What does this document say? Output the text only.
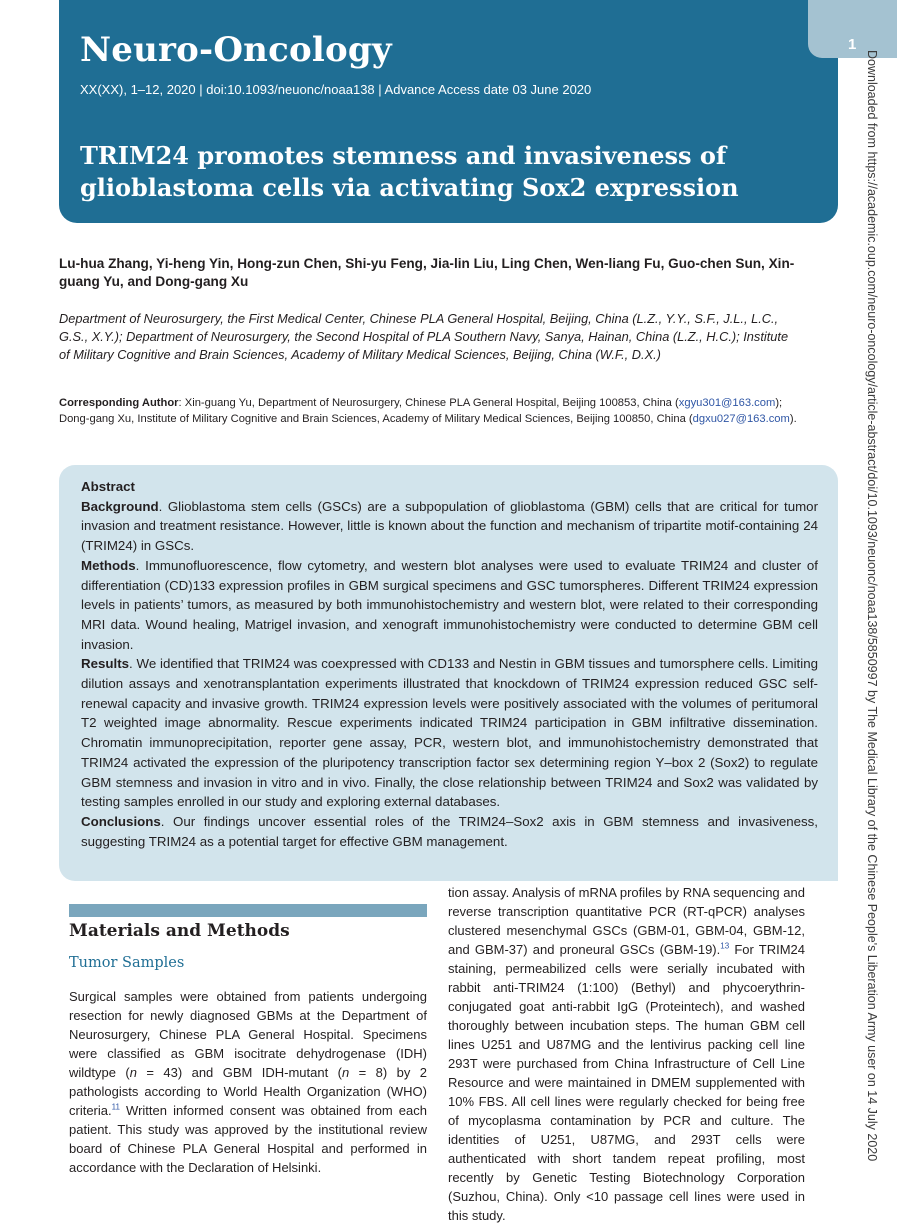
1
Neuro-Oncology
XX(XX), 1–12, 2020 | doi:10.1093/neuonc/noaa138 | Advance Access date 03 June 2020
TRIM24 promotes stemness and invasiveness of glioblastoma cells via activating Sox2 expression
Lu-hua Zhang, Yi-heng Yin, Hong-zun Chen, Shi-yu Feng, Jia-lin Liu, Ling Chen, Wen-liang Fu, Guo-chen Sun, Xin-guang Yu, and Dong-gang Xu
Department of Neurosurgery, the First Medical Center, Chinese PLA General Hospital, Beijing, China (L.Z., Y.Y., S.F., J.L., L.C., G.S., X.Y.); Department of Neurosurgery, the Second Hospital of PLA Southern Navy, Sanya, Hainan, China (L.Z., H.C.); Institute of Military Cognitive and Brain Sciences, Academy of Military Medical Sciences, Beijing, China (W.F., D.X.)
Corresponding Author: Xin-guang Yu, Department of Neurosurgery, Chinese PLA General Hospital, Beijing 100853, China (xgyu301@163.com); Dong-gang Xu, Institute of Military Cognitive and Brain Sciences, Academy of Military Medical Sciences, Beijing 100850, China (dgxu027@163.com).
Abstract

Background. Glioblastoma stem cells (GSCs) are a subpopulation of glioblastoma (GBM) cells that are critical for tumor invasion and treatment resistance. However, little is known about the function and mechanism of tripartite motif-containing 24 (TRIM24) in GSCs.

Methods. Immunofluorescence, flow cytometry, and western blot analyses were used to evaluate TRIM24 and cluster of differentiation (CD)133 expression profiles in GBM surgical specimens and GSC tumorspheres. Different TRIM24 expression levels in patients’ tumors, as measured by both immunohistochemistry and western blot, were related to their corresponding MRI data. Wound healing, Matrigel invasion, and xenograft immunohistochemistry were conducted to determine GBM cell invasion.

Results. We identified that TRIM24 was coexpressed with CD133 and Nestin in GBM tissues and tumorsphere cells. Limiting dilution assays and xenotransplantation experiments illustrated that knockdown of TRIM24 expression reduced GSC self-renewal capacity and invasive growth. TRIM24 expression levels were positively associated with the volumes of peritumoral T2 weighted image abnormality. Rescue experiments indicated TRIM24 participation in GBM infiltrative dissemination. Chromatin immunoprecipitation, reporter gene assay, PCR, western blot, and immunohistochemistry demonstrated that TRIM24 activated the expression of the pluripotency transcription factor sex determining region Y–box 2 (Sox2) to regulate GBM stemness and invasion in vitro and in vivo. Finally, the close relationship between TRIM24 and Sox2 was validated by testing samples enrolled in our study and exploring external databases.

Conclusions. Our findings uncover essential roles of the TRIM24–Sox2 axis in GBM stemness and invasiveness, suggesting TRIM24 as a potential target for effective GBM management.

Materials and Methods
Tumor Samples

Surgical samples were obtained from patients undergoing resection for newly diagnosed GBMs at the Department of Neurosurgery, Chinese PLA General Hospital. Specimens were classified as GBM isocitrate dehydrogenase (IDH) wildtype (n = 43) and GBM IDH-mutant (n = 8) by 2 pathologists according to World Health Organization (WHO) criteria.$^{11}$ Written informed consent was obtained from each patient. This study was approved by the institutional review board of Chinese PLA General Hospital and performed in accordance with the Declaration of Helsinki.

tion assay. Analysis of mRNA profiles by RNA sequencing and reverse transcription quantitative PCR (RT-qPCR) analyses clustered mesenchymal GSCs (GBM-01, GBM-04, GBM-12, and GBM-37) and proneural GSCs (GBM-19).$^{13}$ For TRIM24 staining, permeabilized cells were serially incubated with rabbit anti-TRIM24 (1:100) (Bethyl) and phycoerythrin-conjugated goat anti-rabbit IgG (Proteintech), and washed thoroughly between incubation steps. The human GBM cell lines U251 and U87MG and the lentivirus packing cell line 293T were purchased from China Infrastructure of Cell Line Resource and were maintained in DMEM supplemented with 10% FBS. All cell lines were regularly checked for being free of mycoplasma contamination by PCR and culture. The identities of U251, U87MG, and 293T cells were authenticated with short tandem repeat profiling, most recently by Genetic Testing Biotechnology Corporation (Suzhou, China). Only <10 passage cell lines were used in this study.

Downloaded from https://academic.oup.com/neuro-oncology/article-abstract/doi/10.1093/neuonc/noaa138/5850997 by The Medical Library of the Chinese People's Liberation Army user on 14 July 2020
